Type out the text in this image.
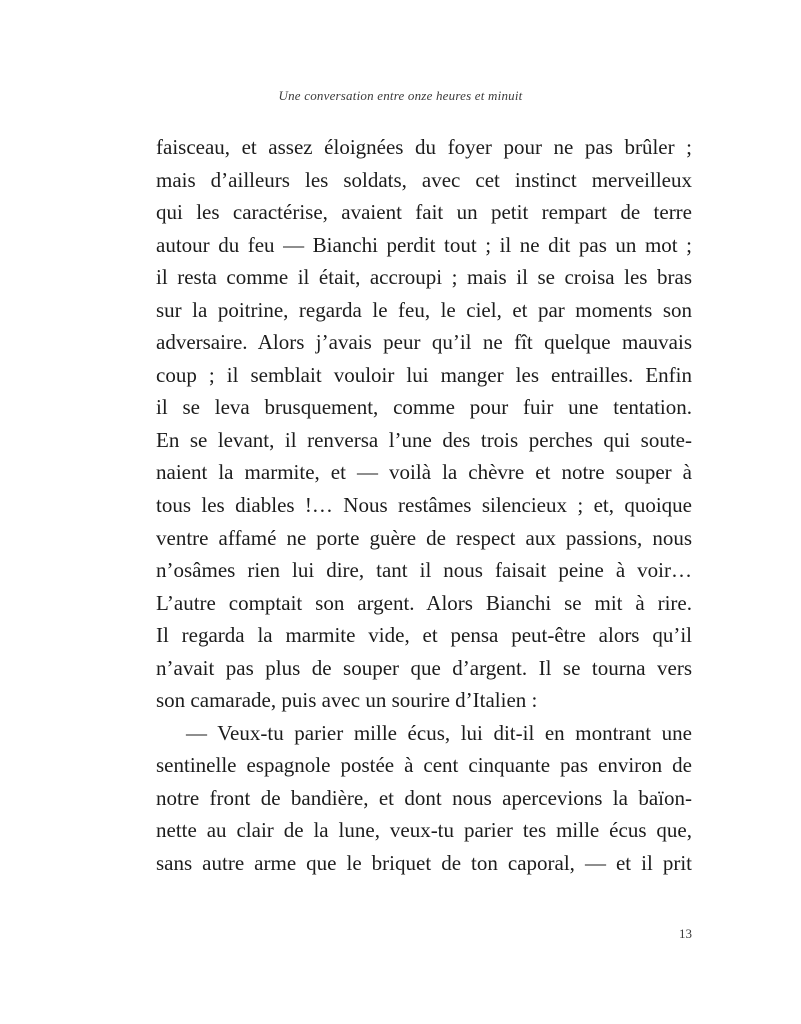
Une conversation entre onze heures et minuit

faisceau, et assez éloignées du foyer pour ne pas brûler ;
mais d’ailleurs les soldats, avec cet instinct merveilleux
qui les caractérise, avaient fait un petit rempart de terre
autour du feu — Bianchi perdit tout ; il ne dit pas un mot ;
il resta comme il était, accroupi ; mais il se croisa les bras
sur la poitrine, regarda le feu, le ciel, et par moments son
adversaire. Alors j’avais peur qu’il ne fît quelque mauvais
coup ; il semblait vouloir lui manger les entrailles. Enfin
il se leva brusquement, comme pour fuir une tentation.
En se levant, il renversa l’une des trois perches qui soute-
naient la marmite, et — voilà la chèvre et notre souper à
tous les diables !… Nous restâmes silencieux ; et, quoique
ventre affamé ne porte guère de respect aux passions, nous
n’osâmes rien lui dire, tant il nous faisait peine à voir…
L’autre comptait son argent. Alors Bianchi se mit à rire.
Il regarda la marmite vide, et pensa peut-être alors qu’il
n’avait pas plus de souper que d’argent. Il se tourna vers
son camarade, puis avec un sourire d’Italien :
— Veux-tu parier mille écus, lui dit-il en montrant une
sentinelle espagnole postée à cent cinquante pas environ de
notre front de bandière, et dont nous apercevions la baïon-
nette au clair de la lune, veux-tu parier tes mille écus que,
sans autre arme que le briquet de ton caporal, — et il prit

13
